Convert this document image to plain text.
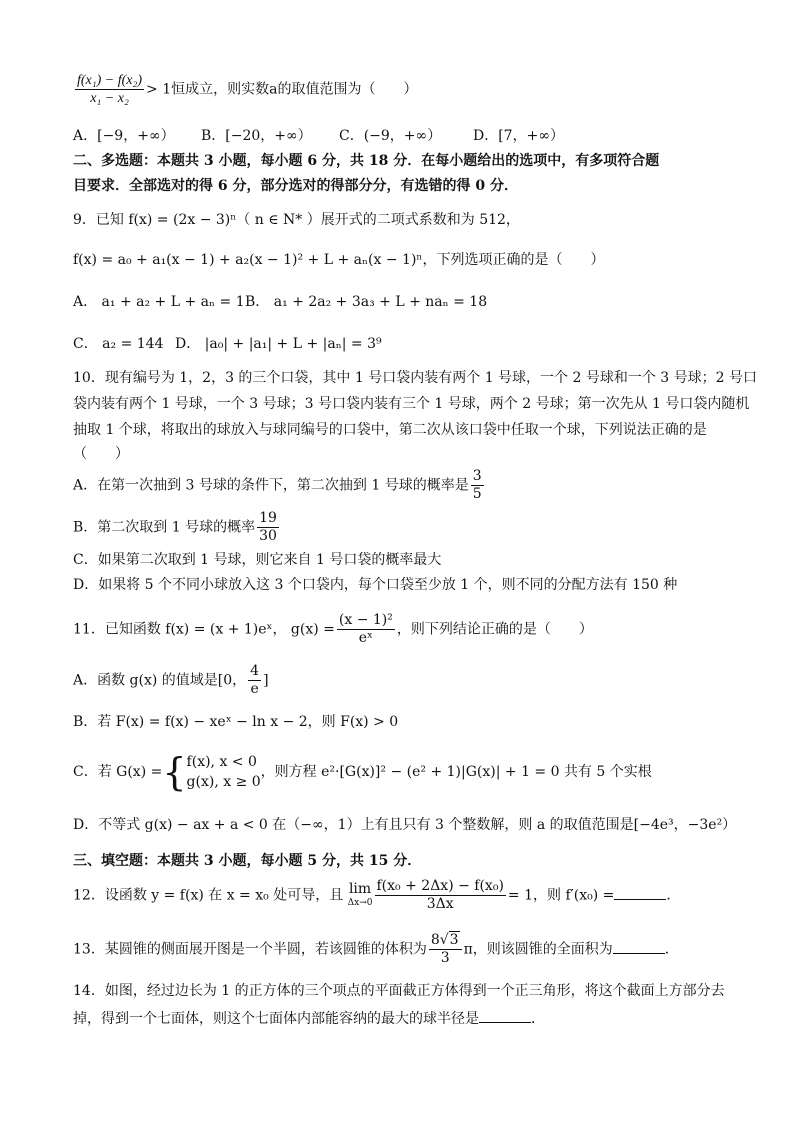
$\frac{\text{f(x₁) − f(x₂)}}{\text{x₁ − x₂}} > 1$恒成立，则实数a的取值范围为（　　）
A．[−9，+∞） B．[−20，+∞） C．(−9，+∞） D．[7，+∞）
二、多选题：本题共 3 小题，每小题 6 分，共 18 分．在每小题给出的选项中，有多项符合题
目要求．全部选对的得 6 分，部分选对的得部分分，有选错的得 0 分．
9．已知 f(x) = (2x − 3)ⁿ（ n ∈ N* ）展开式的二项式系数和为 512，
f(x) = a₀ + a₁(x − 1) + a₂(x − 1)² + L + aₙ(x − 1)ⁿ，下列选项正确的是（　　）
A． a₁ + a₂ + L + aₙ = 1B． a₁ + 2a₂ + 3a₃ + L + naₙ = 18
C． a₂ = 144 D． |a₀| + |a₁| + L + |aₙ| = 3⁹
10．现有编号为 1，2，3 的三个口袋，其中 1 号口袋内装有两个 1 号球，一个 2 号球和一个 3 号球；2 号口
袋内装有两个 1 号球，一个 3 号球；3 号口袋内装有三个 1 号球，两个 2 号球；第一次先从 1 号口袋内随机
抽取 1 个球，将取出的球放入与球同编号的口袋中，第二次从该口袋中任取一个球，下列说法正确的是
（　　）
A．在第一次抽到 3 号球的条件下，第二次抽到 1 号球的概率是 $\frac{3}{5}$
B．第二次取到 1 号球的概率 $\frac{19}{30}$
C．如果第二次取到 1 号球，则它来自 1 号口袋的概率最大
D．如果将 5 个不同小球放入这 3 个口袋内，每个口袋至少放 1 个，则不同的分配方法有 150 种
11．已知函数 f(x) = (x + 1)eˣ， $g(x) = \frac{\text{(x − 1)²}}{\text{eˣ}}$ ，则下列结论正确的是（　　）
A．函数 g(x) 的值域是[0， $\frac{4}{e}$ ]
B．若 F(x) = f(x) − xeˣ − ln x − 2，则 F(x) > 0
C．若 G(x) ={ f(x), x < 0
g(x), x ≥ 0
，则方程 e²·[G(x)]² − (e² + 1)|G(x)| + 1 = 0 共有 5 个实根
D．不等式 g(x) − ax + a < 0 在（−∞，1）上有且只有 3 个整数解，则 a 的取值范围是[−4e³，−3e²）
三、填空题：本题共 3 小题，每小题 5 分，共 15 分．
12．设函数 y = f(x) 在 x = x₀ 处可导，且 lim
$\Delta x\to 0 \frac{\text{f(x₀ + 2Δx) − f(x₀)}}{3\Delta x} = 1$，则 f′(x₀) =	．
13．某圆锥的侧面展开图是一个半圆，若该圆锥的体积为 $\frac{8√3}{3}$ π，则该圆锥的全面积为	．
14．如图，经过边长为 1 的正方体的三个项点的平面截正方体得到一个正三角形，将这个截面上方部分去
掉，得到一个七面体，则这个七面体内部能容纳的最大的球半径是	．
